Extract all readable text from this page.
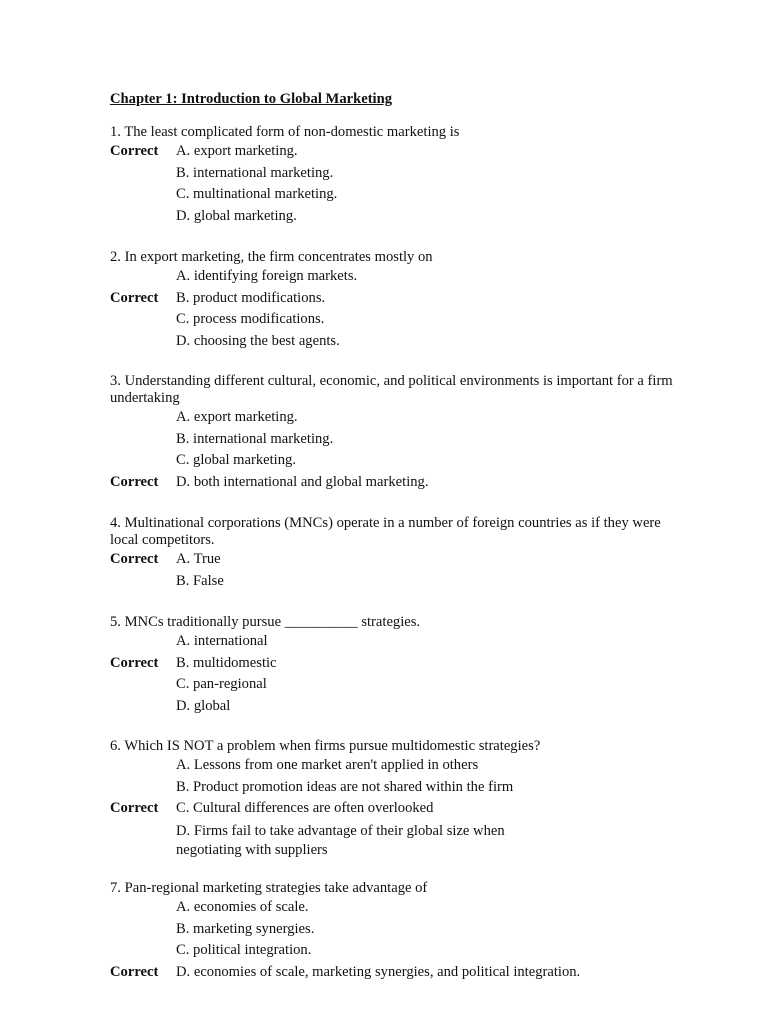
Chapter 1: Introduction to Global Marketing
1. The least complicated form of non-domestic marketing is
Correct A. export marketing.
B. international marketing.
C. multinational marketing.
D. global marketing.
2. In export marketing, the firm concentrates mostly on
A. identifying foreign markets.
Correct B. product modifications.
C. process modifications.
D. choosing the best agents.
3. Understanding different cultural, economic, and political environments is important for a firm undertaking
A. export marketing.
B. international marketing.
C. global marketing.
Correct D. both international and global marketing.
4. Multinational corporations (MNCs) operate in a number of foreign countries as if they were local competitors.
Correct A. True
B. False
5. MNCs traditionally pursue __________ strategies.
A. international
Correct B. multidomestic
C. pan-regional
D. global
6. Which IS NOT a problem when firms pursue multidomestic strategies?
A. Lessons from one market aren't applied in others
B. Product promotion ideas are not shared within the firm
Correct C. Cultural differences are often overlooked
D. Firms fail to take advantage of their global size when negotiating with suppliers
7. Pan-regional marketing strategies take advantage of
A. economies of scale.
B. marketing synergies.
C. political integration.
Correct D. economies of scale, marketing synergies, and political integration.
